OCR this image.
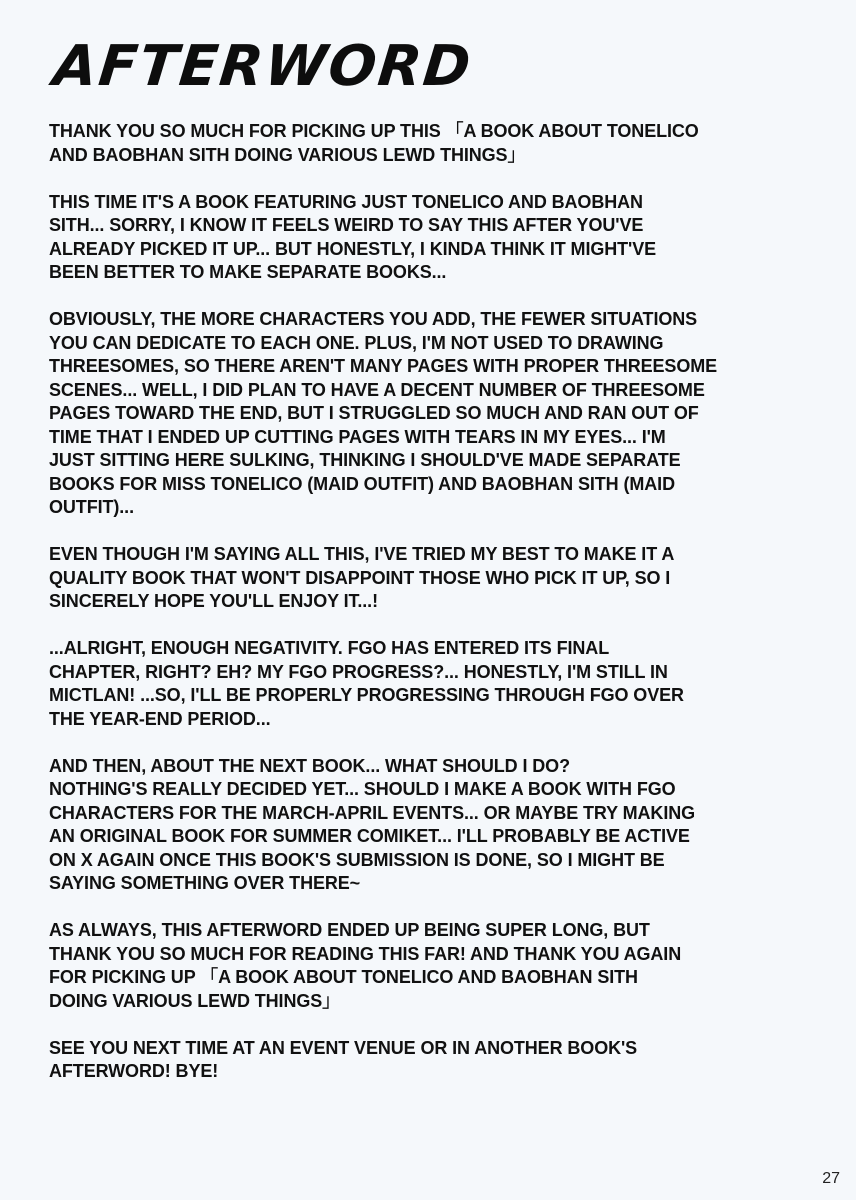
AFTERWORD

THANK YOU SO MUCH FOR PICKING UP THIS 「A BOOK ABOUT TONELICO
AND BAOBHAN SITH DOING VARIOUS LEWD THINGS」

THIS TIME IT'S A BOOK FEATURING JUST TONELICO AND BAOBHAN
SITH... SORRY, I KNOW IT FEELS WEIRD TO SAY THIS AFTER YOU'VE
ALREADY PICKED IT UP... BUT HONESTLY, I KINDA THINK IT MIGHT'VE
BEEN BETTER TO MAKE SEPARATE BOOKS...

OBVIOUSLY, THE MORE CHARACTERS YOU ADD, THE FEWER SITUATIONS
YOU CAN DEDICATE TO EACH ONE. PLUS, I'M NOT USED TO DRAWING
THREESOMES, SO THERE AREN'T MANY PAGES WITH PROPER THREESOME
SCENES... WELL, I DID PLAN TO HAVE A DECENT NUMBER OF THREESOME
PAGES TOWARD THE END, BUT I STRUGGLED SO MUCH AND RAN OUT OF
TIME THAT I ENDED UP CUTTING PAGES WITH TEARS IN MY EYES... I'M
JUST SITTING HERE SULKING, THINKING I SHOULD'VE MADE SEPARATE
BOOKS FOR MISS TONELICO (MAID OUTFIT) AND BAOBHAN SITH (MAID
OUTFIT)...

EVEN THOUGH I'M SAYING ALL THIS, I'VE TRIED MY BEST TO MAKE IT A
QUALITY BOOK THAT WON'T DISAPPOINT THOSE WHO PICK IT UP, SO I
SINCERELY HOPE YOU'LL ENJOY IT...!

...ALRIGHT, ENOUGH NEGATIVITY. FGO HAS ENTERED ITS FINAL
CHAPTER, RIGHT? EH? MY FGO PROGRESS?... HONESTLY, I'M STILL IN
MICTLAN! ...SO, I'LL BE PROPERLY PROGRESSING THROUGH FGO OVER
THE YEAR-END PERIOD...

AND THEN, ABOUT THE NEXT BOOK... WHAT SHOULD I DO?
NOTHING'S REALLY DECIDED YET... SHOULD I MAKE A BOOK WITH FGO
CHARACTERS FOR THE MARCH-APRIL EVENTS... OR MAYBE TRY MAKING
AN ORIGINAL BOOK FOR SUMMER COMIKET... I'LL PROBABLY BE ACTIVE
ON X AGAIN ONCE THIS BOOK'S SUBMISSION IS DONE, SO I MIGHT BE
SAYING SOMETHING OVER THERE~

AS ALWAYS, THIS AFTERWORD ENDED UP BEING SUPER LONG, BUT
THANK YOU SO MUCH FOR READING THIS FAR! AND THANK YOU AGAIN
FOR PICKING UP 「A BOOK ABOUT TONELICO AND BAOBHAN SITH
DOING VARIOUS LEWD THINGS」

SEE YOU NEXT TIME AT AN EVENT VENUE OR IN ANOTHER BOOK'S
AFTERWORD! BYE!

27
